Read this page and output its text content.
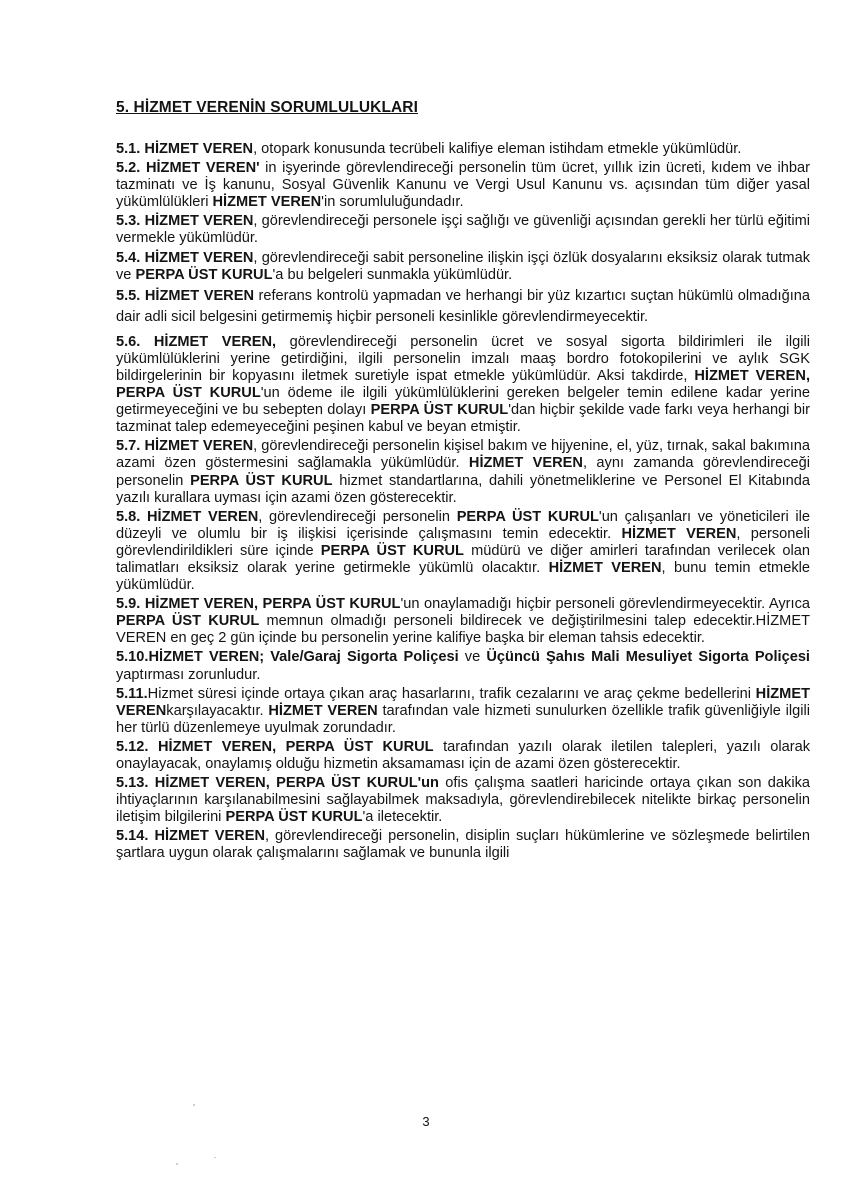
5. HİZMET VERENİN SORUMLULUKLARI

5.1. HİZMET VEREN, otopark konusunda tecrübeli kalifiye eleman istihdam etmekle yükümlüdür.

5.2. HİZMET VEREN' in işyerinde görevlendireceği personelin tüm ücret, yıllık izin ücreti, kıdem ve ihbar tazminatı ve İş kanunu, Sosyal Güvenlik Kanunu ve Vergi Usul Kanunu vs. açısından tüm diğer yasal yükümlülükleri HİZMET VEREN'in sorumluluğundadır.

5.3. HİZMET VEREN, görevlendireceği personele işçi sağlığı ve güvenliği açısından gerekli her türlü eğitimi vermekle yükümlüdür.

5.4. HİZMET VEREN, görevlendireceği sabit personeline ilişkin işçi özlük dosyalarını eksiksiz olarak tutmak ve PERPA ÜST KURUL'a bu belgeleri sunmakla yükümlüdür.

5.5. HİZMET VEREN referans kontrolü yapmadan ve herhangi bir yüz kızartıcı suçtan hükümlü olmadığına dair adli sicil belgesini getirmemiş hiçbir personeli kesinlikle görevlendirmeyecektir.

5.6. HİZMET VEREN, görevlendireceği personelin ücret ve sosyal sigorta bildirimleri ile ilgili yükümlülüklerini yerine getirdiğini, ilgili personelin imzalı maaş bordro fotokopilerini ve aylık SGK bildirgelerinin bir kopyasını iletmek suretiyle ispat etmekle yükümlüdür. Aksi takdirde, HİZMET VEREN, PERPA ÜST KURUL'un ödeme ile ilgili yükümlülüklerini gereken belgeler temin edilene kadar yerine getirmeyeceğini ve bu sebepten dolayı PERPA ÜST KURUL'dan hiçbir şekilde vade farkı veya herhangi bir tazminat talep edemeyeceğini peşinen kabul ve beyan etmiştir.

5.7. HİZMET VEREN, görevlendireceği personelin kişisel bakım ve hijyenine, el, yüz, tırnak, sakal bakımına azami özen göstermesini sağlamakla yükümlüdür. HİZMET VEREN, aynı zamanda görevlendireceği personelin PERPA ÜST KURUL hizmet standartlarına, dahili yönetmeliklerine ve Personel El Kitabında yazılı kurallara uyması için azami özen gösterecektir.

5.8. HİZMET VEREN, görevlendireceği personelin PERPA ÜST KURUL'un çalışanları ve yöneticileri ile düzeyli ve olumlu bir iş ilişkisi içerisinde çalışmasını temin edecektir. HİZMET VEREN, personeli görevlendirildikleri süre içinde PERPA ÜST KURUL müdürü ve diğer amirleri tarafından verilecek olan talimatları eksiksiz olarak yerine getirmekle yükümlü olacaktır. HİZMET VEREN, bunu temin etmekle yükümlüdür.

5.9. HİZMET VEREN, PERPA ÜST KURUL'un onaylamadığı hiçbir personeli görevlendirmeyecektir. Ayrıca PERPA ÜST KURUL memnun olmadığı personeli bildirecek ve değiştirilmesini talep edecektir.HİZMET VEREN en geç 2 gün içinde bu personelin yerine kalifiye başka bir eleman tahsis edecektir.

5.10.HİZMET VEREN; Vale/Garaj Sigorta Poliçesi ve Üçüncü Şahıs Mali Mesuliyet Sigorta Poliçesi yaptırması zorunludur.

5.11.Hizmet süresi içinde ortaya çıkan araç hasarlarını, trafik cezalarını ve araç çekme bedellerini HİZMET VERENkarşılayacaktır. HİZMET VEREN tarafından vale hizmeti sunulurken özellikle trafik güvenliğiyle ilgili her türlü düzenlemeye uyulmak zorundadır.

5.12. HİZMET VEREN, PERPA ÜST KURUL tarafından yazılı olarak iletilen talepleri, yazılı olarak onaylayacak, onaylamış olduğu hizmetin aksamaması için de azami özen gösterecektir.

5.13. HİZMET VEREN, PERPA ÜST KURUL'un ofis çalışma saatleri haricinde ortaya çıkan son dakika ihtiyaçlarının karşılanabilmesini sağlayabilmek maksadıyla, görevlendirebilecek nitelikte birkaç personelin iletişim bilgilerini PERPA ÜST KURUL'a iletecektir.

5.14. HİZMET VEREN, görevlendireceği personelin, disiplin suçları hükümlerine ve sözleşmede belirtilen şartlara uygun olarak çalışmalarını sağlamak ve bununla ilgili

3
